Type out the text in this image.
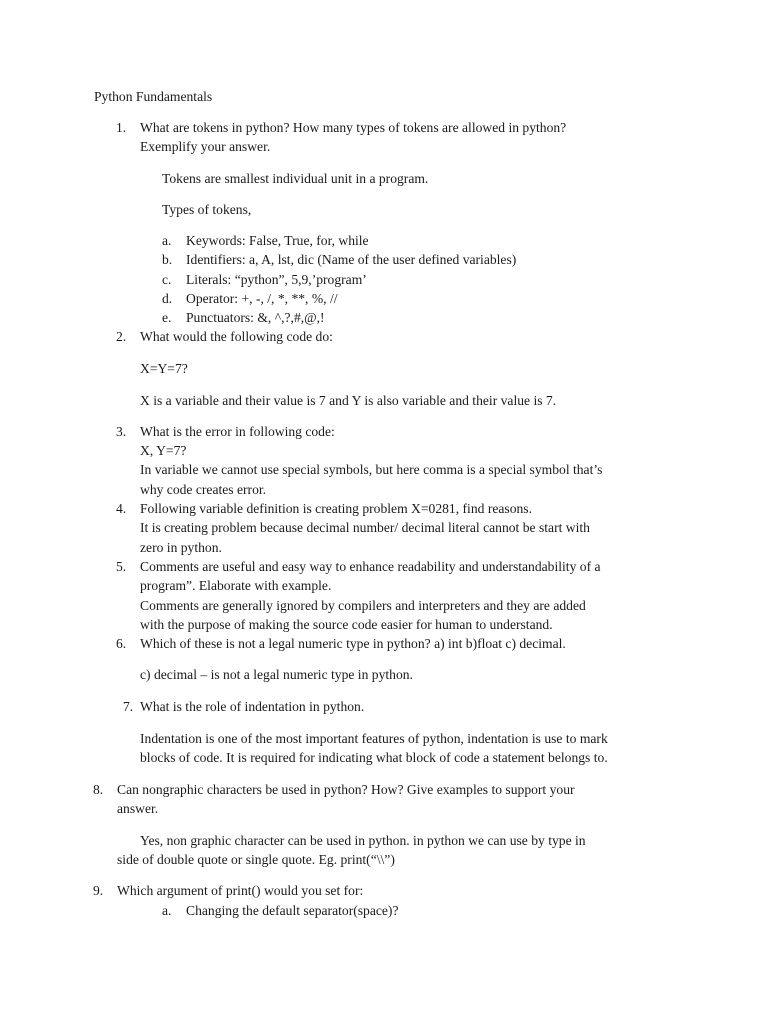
Python Fundamentals
1. What are tokens in python? How many types of tokens are allowed in python?
Exemplify your answer.
Tokens are smallest individual unit in a program.
Types of tokens,
a. Keywords: False, True, for, while
b. Identifiers: a, A, lst, dic (Name of the user defined variables)
c. Literals: “python”, 5,9,’program’
d. Operator: +, -, /, *, **, %, //
e. Punctuators: &, ^,?,#,@,!
2. What would the following code do:
X=Y=7?
X is a variable and their value is 7 and Y is also variable and their value is 7.
3. What is the error in following code:
X, Y=7?
In variable we cannot use special symbols, but here comma is a special symbol that’s
why code creates error.
4. Following variable definition is creating problem X=0281, find reasons.
It is creating problem because decimal number/ decimal literal cannot be start with
zero in python.
5. Comments are useful and easy way to enhance readability and understandability of a
program”. Elaborate with example.
Comments are generally ignored by compilers and interpreters and they are added
with the purpose of making the source code easier for human to understand.
6. Which of these is not a legal numeric type in python? a) int b)float c) decimal.
c) decimal – is not a legal numeric type in python.
7. What is the role of indentation in python.
Indentation is one of the most important features of python, indentation is use to mark
blocks of code. It is required for indicating what block of code a statement belongs to.
8. Can nongraphic characters be used in python? How? Give examples to support your
answer.
Yes, non graphic character can be used in python. in python we can use by type in
side of double quote or single quote. Eg. print(“\\”)
9. Which argument of print() would you set for:
a. Changing the default separator(space)?
